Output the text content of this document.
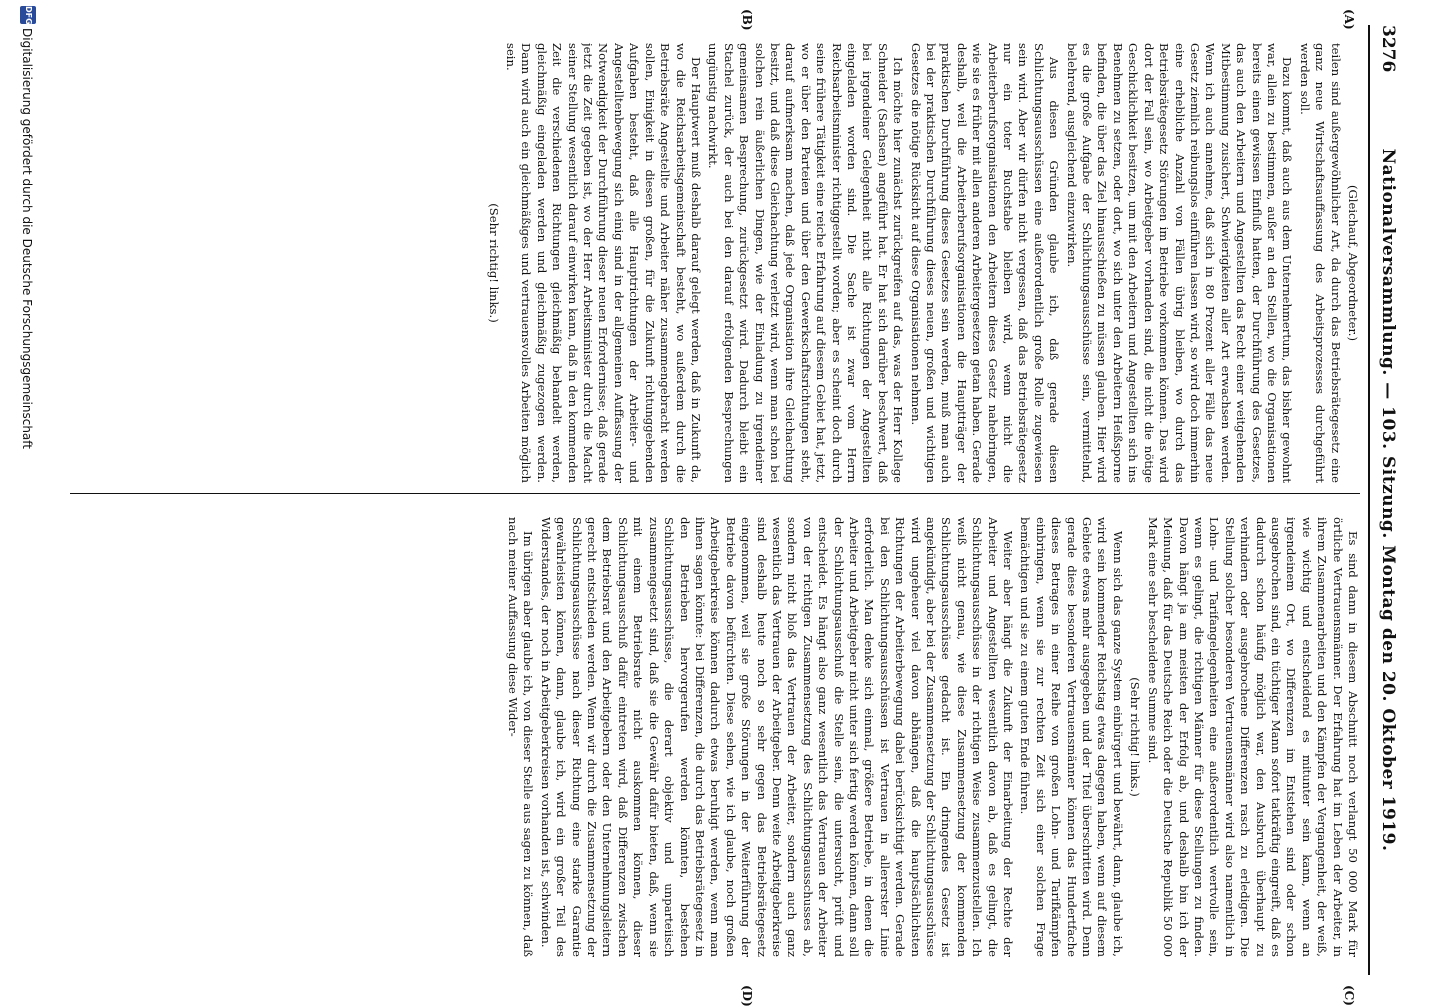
3276
Nationalversammlung. — 103. Sitzung. Montag den 20. Oktober 1919.
(A)
(B)
(C)
(D)

(Gleichauf, Abgeordneter.)

teilen sind außergewöhnlicher Art, da durch das Betriebsrätegesetz eine ganz neue Wirtschaftsauffassung des Arbeitsprozesses durchgeführt werden soll.

Dazu kommt, daß auch aus dem Unternehmertum, das bisher gewohnt war, allein zu bestimmen, außer an den Stellen, wo die Organisationen bereits einen gewissen Einfluß hatten, der Durchführung des Gesetzes, das auch den Arbeitern und Angestellten das Recht einer weitgehenden Mitbestimmung zusichert, Schwierigkeiten aller Art erwachsen werden. Wenn ich auch annehme, daß sich in 80 Prozent aller Fälle das neue Gesetz ziemlich reibungslos einführen lassen wird, so wird doch immerhin eine erhebliche Anzahl von Fällen übrig bleiben, wo durch das Betriebsrätegesetz Störungen im Betriebe vorkommen können. Das wird dort der Fall sein, wo Arbeitgeber vorhanden sind, die nicht die nötige Geschicklichkeit besitzen, um mit den Arbeitern und Angestellten sich ins Benehmen zu setzen, oder dort, wo sich unter den Arbeitern Heißsporne befinden, die über das Ziel hinausschießen zu müssen glauben. Hier wird es die große Aufgabe der Schlichtungsausschüsse sein, vermittelnd, belehrend, ausgleichend einzuwirken.

Aus diesen Gründen glaube ich, daß gerade diesen Schlichtungsausschüssen eine außerordentlich große Rolle zugewiesen sein wird. Aber wir dürfen nicht vergessen, daß das Betriebsrätegesetz nur ein toter Buchstabe bleiben wird, wenn nicht die Arbeiterberufsorganisationen den Arbeitern dieses Gesetz nahebringen, wie sie es früher mit allen anderen Arbeitergesetzen getan haben. Gerade deshalb, weil die Arbeiterberufsorganisationen die Hauptträger der praktischen Durchführung dieses Gesetzes sein werden, muß man auch bei der praktischen Durchführung dieses neuen, großen und wichtigen Gesetzes die nötige Rücksicht auf diese Organisationen nehmen.

Ich möchte hier zunächst zurückgreifen auf das, was der Herr Kollege Schneider (Sachsen) angeführt hat. Er hat sich darüber beschwert, daß bei irgendeiner Gelegenheit nicht alle Richtungen der Angestellten eingeladen worden sind. Die Sache ist zwar vom Herrn Reichsarbeitsminister richtiggestellt worden; aber es scheint doch durch seine frühere Tätigkeit eine reiche Erfahrung auf diesem Gebiet hat, jetzt, wo er über den Parteien und über den Gewerkschaftsrichtungen steht, darauf aufmerksam machen, daß jede Organisation ihre Gleichachtung besitzt, und daß diese Gleichachtung verletzt wird, wenn man schon bei solchen rein äußerlichen Dingen, wie der Einladung zu irgendeiner gemeinsamen Besprechung, zurückgesetzt wird. Dadurch bleibt ein Stachel zurück, der auch bei den darauf erfolgenden Besprechungen ungünstig nachwirkt.

Der Hauptwert muß deshalb darauf gelegt werden, daß in Zukunft da, wo die Reichsarbeitsgemeinschaft besteht, wo außerdem durch die Betriebsräte Angestellte und Arbeiter näher zusammengebracht werden sollen, Einigkeit in diesen großen, für die Zukunft richtunggebenden Aufgaben besteht, daß alle Hauptrichtungen der Arbeiter- und Angestelltenbewegung sich einig sind in der allgemeinen Auffassung der Notwendigkeit der Durchführung dieser neuen Erfordernisse; daß gerade jetzt die Zeit gegeben ist, wo der Herr Arbeitsminister durch die Macht seiner Stellung wesentlich darauf einwirken kann, daß in den kommenden Zeit die verschiedenen Richtungen gleichmäßig behandelt werden, gleichmäßig eingeladen werden und gleichmäßig zugezogen werden. Dann wird auch ein gleichmäßiges und vertrauensvolles Arbeiten möglich sein.

(Sehr richtig! links.)

Es sind dann in diesem Abschnitt noch verlangt 50 000 Mark für örtliche Vertrauensmänner. Der Erfahrung hat im Leben der Arbeiter, in ihrem Zusammenarbeiten und den Kämpfen der Vergangenheit, der weiß, wie wichtig und entscheidend es mitunter sein kann, wenn an irgendeinem Ort, wo Differenzen im Entstehen sind oder schon ausgebrochen sind, ein tüchtiger Mann sofort tatkräftig eingreift, daß es dadurch schon häufig möglich war, den Ausbruch überhaupt zu verhindern oder ausgebrochene Differenzen rasch zu erledigen. Die Stellung solcher besonderen Vertrauensmänner wird also namentlich in Lohn- und Tarifangelegenheiten eine außerordentlich wertvolle sein, wenn es gelingt, die richtigen Männer für diese Stellungen zu finden. Davon hängt ja am meisten der Erfolg ab, und deshalb bin ich der Meinung, daß für das Deutsche Reich oder die Deutsche Republik 50 000 Mark eine sehr bescheidene Summe sind.

(Sehr richtig! links.)

Wenn sich das ganze System einbürgert und bewährt, dann, glaube ich, wird sein kommender Reichstag etwas dagegen haben, wenn auf diesem Gebiete etwas mehr ausgegeben und der Titel überschritten wird. Denn gerade diese besonderen Vertrauensmänner können das Hundertfache dieses Betrages in einer Reihe von großen Lohn- und Tarifkämpfen einbringen, wenn sie zur rechten Zeit sich einer solchen Frage bemächtigen und sie zu einem guten Ende führen.

Weiter aber hängt die Zukunft der Einarbeitung der Rechte der Arbeiter und Angestellten wesentlich davon ab, daß es gelingt, die Schlichtungsausschüsse in der richtigen Weise zusammenzustellen. Ich weiß nicht genau, wie diese Zusammensetzung der kommenden Schlichtungsausschüsse gedacht ist. Ein dringendes Gesetz ist angekündigt, aber bei der Zusammensetzung der Schlichtungsausschüsse wird ungeheuer viel davon abhängen, daß die hauptsächlichsten Richtungen der Arbeiterbewegung dabei berücksichtigt werden. Gerade bei den Schlichtungsausschüssen ist Vertrauen in allererster Linie erforderlich. Man denke sich einmal, größere Betriebe, in denen die Arbeiter und Arbeitgeber nicht unter sich fertig werden können, dann soll der Schlichtungsausschuß die Stelle sein, die untersucht, prüft und entscheidet. Es hängt also ganz wesentlich das Vertrauen der Arbeiter von der richtigen Zusammensetzung des Schlichtungsausschusses ab, sondern nicht bloß das Vertrauen der Arbeiter, sondern auch ganz wesentlich das Vertrauen der Arbeitgeber. Denn weite Arbeitgeberkreise sind deshalb heute noch so sehr gegen das Betriebsrätegesetz eingenommen, weil sie große Störungen in der Weiterführung der Betriebe davon befürchten. Diese sehen, wie ich glaube, noch großen Arbeitgeberkreise können dadurch etwas beruhigt werden, wenn man ihnen sagen könnte: bei Differenzen, die durch das Betriebsrätegesetz in den Betrieben hervorgerufen werden könnten, bestehen Schlichtungsausschüsse, die derart objektiv und unparteiisch zusammengesetzt sind, daß sie die Gewähr dafür bieten, daß, wenn sie mit einem Betriebsrate nicht auskommen können, dieser Schlichtungsausschuß dafür eintreten wird, daß Differenzen zwischen dem Betriebsrat und den Arbeitgebern oder den Unternehmungsleitern gerecht entschieden werden. Wenn wir durch die Zusammensetzung der Schlichtungsausschüsse nach dieser Richtung eine starke Garantie gewährleisten können, dann, glaube ich, wird ein großer Teil des Widerstandes, der noch in Arbeitgeberkreisen vorhanden ist, schwinden.

Im übrigen aber glaube ich, von dieser Stelle aus sagen zu können, daß nach meiner Auffassung diese Wider-

DFG
Digitalisierung gefördert durch die Deutsche Forschungsgemeinschaft
